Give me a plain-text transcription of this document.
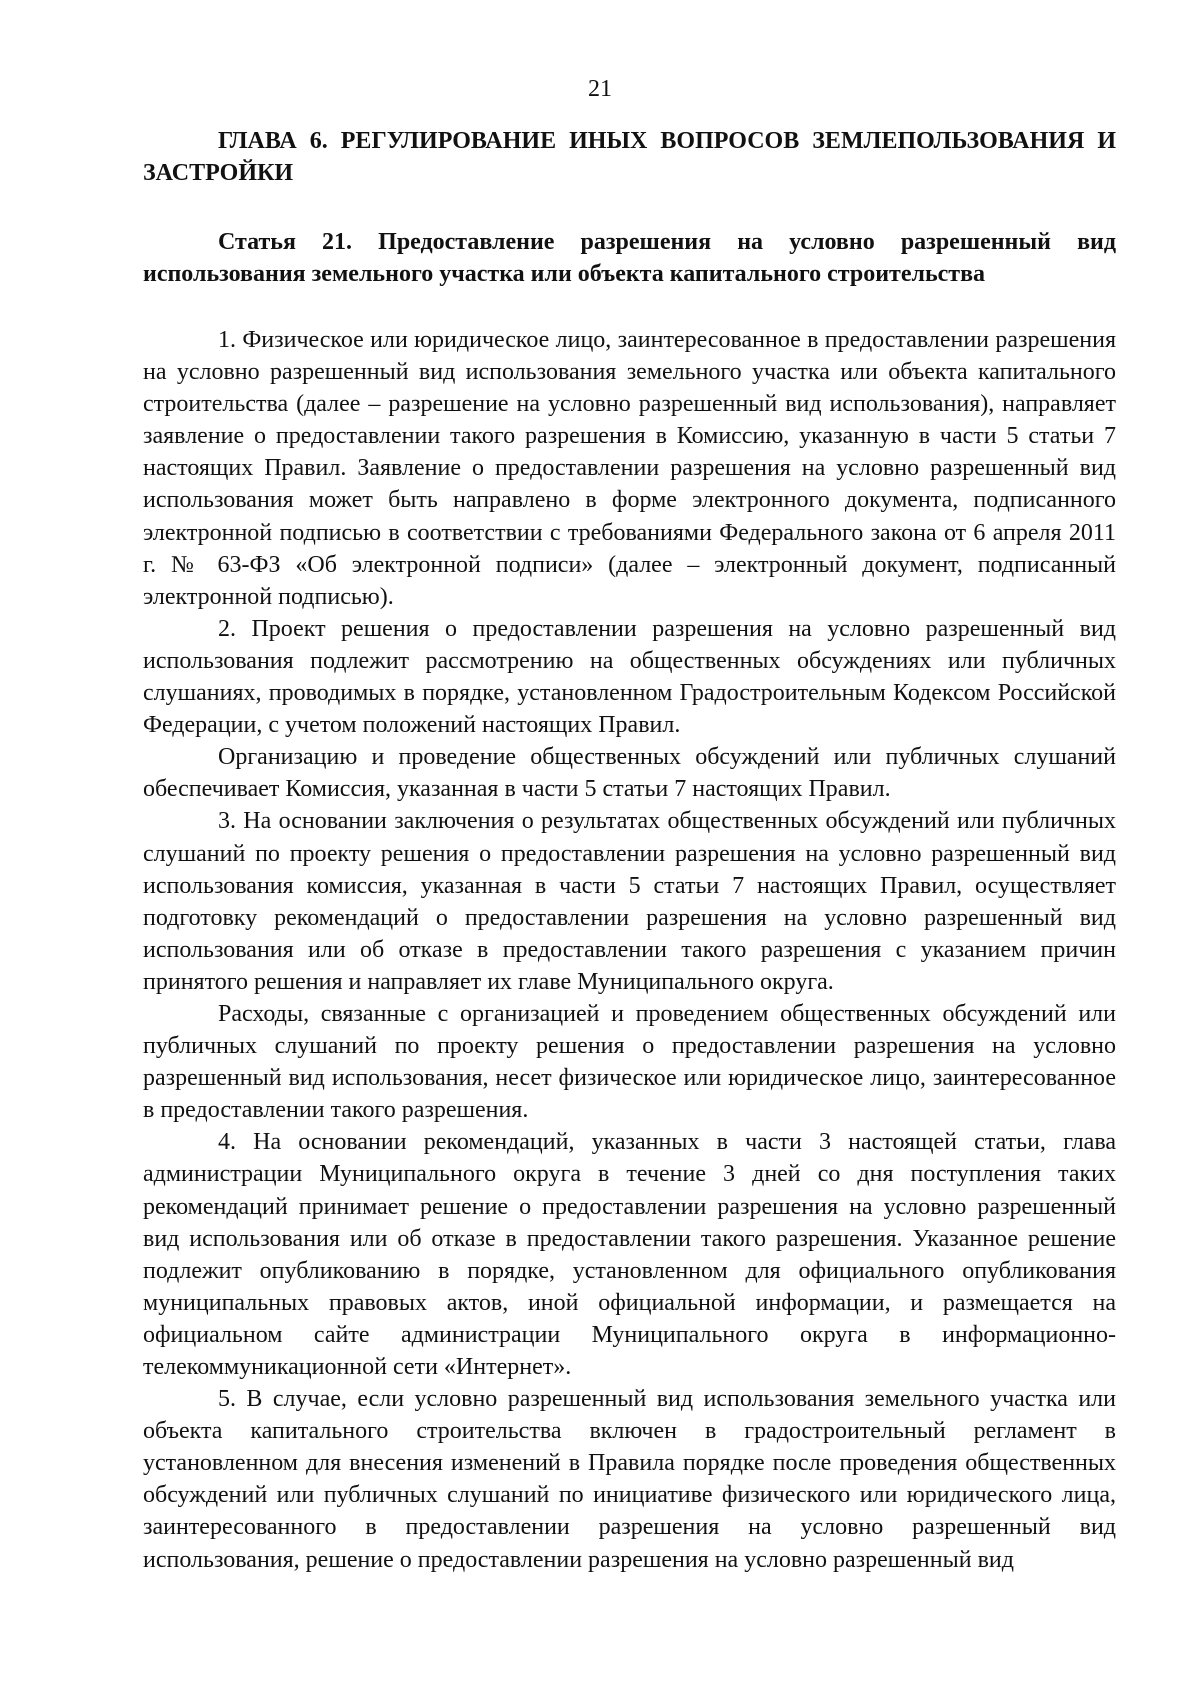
21
ГЛАВА 6. РЕГУЛИРОВАНИЕ ИНЫХ ВОПРОСОВ ЗЕМЛЕПОЛЬЗОВАНИЯ И ЗАСТРОЙКИ
Статья 21. Предоставление разрешения на условно разрешенный вид использования земельного участка или объекта капитального строительства

1. Физическое или юридическое лицо, заинтересованное в предоставлении разрешения на условно разрешенный вид использования земельного участка или объекта капитального строительства (далее – разрешение на условно разрешенный вид использования), направляет заявление о предоставлении такого разрешения в Комиссию, указанную в части 5 статьи 7 настоящих Правил. Заявление о предоставлении разрешения на условно разрешенный вид использования может быть направлено в форме электронного документа, подписанного электронной подписью в соответствии с требованиями Федерального закона от 6 апреля 2011 г. № 63-ФЗ «Об электронной подписи» (далее – электронный документ, подписанный электронной подписью).

2. Проект решения о предоставлении разрешения на условно разрешенный вид использования подлежит рассмотрению на общественных обсуждениях или публичных слушаниях, проводимых в порядке, установленном Градостроительным Кодексом Российской Федерации, с учетом положений настоящих Правил.

Организацию и проведение общественных обсуждений или публичных слушаний обеспечивает Комиссия, указанная в части 5 статьи 7 настоящих Правил.

3. На основании заключения о результатах общественных обсуждений или публичных слушаний по проекту решения о предоставлении разрешения на условно разрешенный вид использования комиссия, указанная в части 5 статьи 7 настоящих Правил, осуществляет подготовку рекомендаций о предоставлении разрешения на условно разрешенный вид использования или об отказе в предоставлении такого разрешения с указанием причин принятого решения и направляет их главе Муниципального округа.

Расходы, связанные с организацией и проведением общественных обсуждений или публичных слушаний по проекту решения о предоставлении разрешения на условно разрешенный вид использования, несет физическое или юридическое лицо, заинтересованное в предоставлении такого разрешения.

4. На основании рекомендаций, указанных в части 3 настоящей статьи, глава администрации Муниципального округа в течение 3 дней со дня поступления таких рекомендаций принимает решение о предоставлении разрешения на условно разрешенный вид использования или об отказе в предоставлении такого разрешения. Указанное решение подлежит опубликованию в порядке, установленном для официального опубликования муниципальных правовых актов, иной официальной информации, и размещается на официальном сайте администрации Муниципального округа в информационно-телекоммуникационной сети «Интернет».

5. В случае, если условно разрешенный вид использования земельного участка или объекта капитального строительства включен в градостроительный регламент в установленном для внесения изменений в Правила порядке после проведения общественных обсуждений или публичных слушаний по инициативе физического или юридического лица, заинтересованного в предоставлении разрешения на условно разрешенный вид использования, решение о предоставлении разрешения на условно разрешенный вид
